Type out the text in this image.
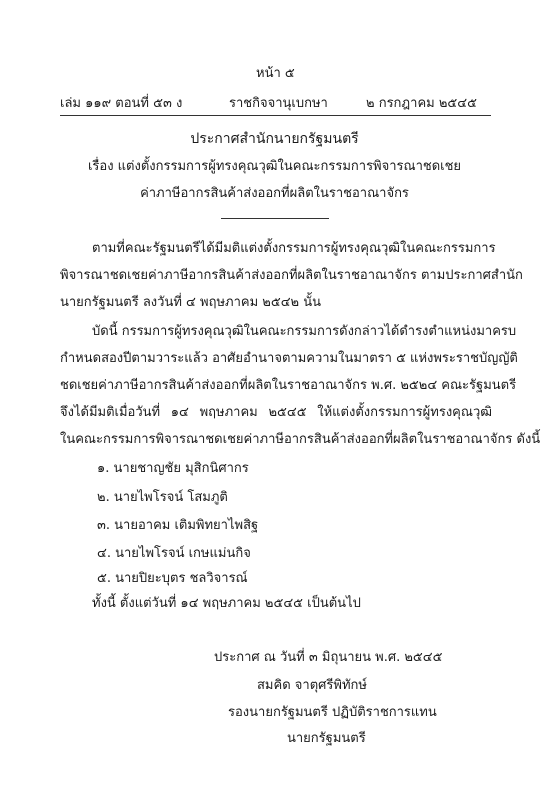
หน้า ๕
เล่ม ๑๑๙ ตอนที่ ๕๓ ง	ราชกิจจานุเบกษา	๒ กรกฎาคม ๒๕๔๕
ประกาศสำนักนายกรัฐมนตรี
เรื่อง แต่งตั้งกรรมการผู้ทรงคุณวุฒิในคณะกรรมการพิจารณาชดเชย
ค่าภาษีอากรสินค้าส่งออกที่ผลิตในราชอาณาจักร
ตามที่คณะรัฐมนตรีได้มีมติแต่งตั้งกรรมการผู้ทรงคุณวุฒิในคณะกรรมการ
พิจารณาชดเชยค่าภาษีอากรสินค้าส่งออกที่ผลิตในราชอาณาจักร ตามประกาศสำนัก
นายกรัฐมนตรี ลงวันที่ ๔ พฤษภาคม ๒๕๔๒ นั้น
บัดนี้ กรรมการผู้ทรงคุณวุฒิในคณะกรรมการดังกล่าวได้ดำรงตำแหน่งมาครบ
กำหนดสองปีตามวาระแล้ว อาศัยอำนาจตามความในมาตรา ๕ แห่งพระราชบัญญัติ
ชดเชยค่าภาษีอากรสินค้าส่งออกที่ผลิตในราชอาณาจักร พ.ศ. ๒๕๒๔ คณะรัฐมนตรี
จึงได้มีมติเมื่อวันที่ ๑๔ พฤษภาคม ๒๕๔๕ ให้แต่งตั้งกรรมการผู้ทรงคุณวุฒิ
ในคณะกรรมการพิจารณาชดเชยค่าภาษีอากรสินค้าส่งออกที่ผลิตในราชอาณาจักร ดังนี้
๑. นายชาญชัย มุสิกนิศากร
๒. นายไพโรจน์ โสมภูติ
๓. นายอาคม เติมพิทยาไพสิฐ
๔. นายไพโรจน์ เกษแม่นกิจ
๕. นายปิยะบุตร ชลวิจารณ์
ทั้งนี้ ตั้งแต่วันที่ ๑๔ พฤษภาคม ๒๕๔๕ เป็นต้นไป
ประกาศ ณ วันที่ ๓ มิถุนายน พ.ศ. ๒๕๔๕
สมคิด จาตุศรีพิทักษ์
รองนายกรัฐมนตรี ปฏิบัติราชการแทน
นายกรัฐมนตรี
